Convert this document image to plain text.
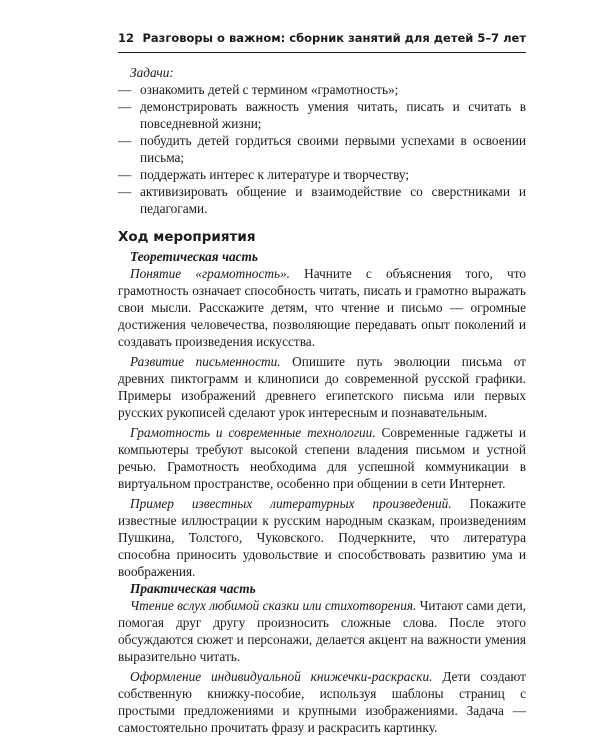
12 Разговоры о важном: сборник занятий для детей 5–7 лет
Задачи:
— ознакомить детей с термином «грамотность»;
— демонстрировать важность умения читать, писать и считать в повседневной жизни;
— побудить детей гордиться своими первыми успехами в освоении письма;
— поддержать интерес к литературе и творчеству;
— активизировать общение и взаимодействие со сверстниками и педагогами.
Ход мероприятия
Теоретическая часть

Понятие «грамотность». Начните с объяснения того, что грамотность означает способность читать, писать и грамотно выражать свои мысли. Расскажите детям, что чтение и письмо — огромные достижения человечества, позволяющие передавать опыт поколений и создавать произведения искусства.

Развитие письменности. Опишите путь эволюции письма от древних пиктограмм и клинописи до современной русской графики. Примеры изображений древнего египетского письма или первых русских рукописей сделают урок интересным и познавательным.

Грамотность и современные технологии. Современные гаджеты и компьютеры требуют высокой степени владения письмом и устной речью. Грамотность необходима для успешной коммуникации в виртуальном пространстве, особенно при общении в сети Интернет.

Пример известных литературных произведений. Покажите известные иллюстрации к русским народным сказкам, произведениям Пушкина, Толстого, Чуковского. Подчеркните, что литература способна приносить удовольствие и способствовать развитию ума и воображения.

Практическая часть

Чтение вслух любимой сказки или стихотворения. Читают сами дети, помогая друг другу произносить сложные слова. После этого обсуждаются сюжет и персонажи, делается акцент на важности умения выразительно читать.

Оформление индивидуальной книжечки-раскраски. Дети создают собственную книжку-пособие, используя шаблоны страниц с простыми предложениями и крупными изображениями. Задача — самостоятельно прочитать фразу и раскрасить картинку.
